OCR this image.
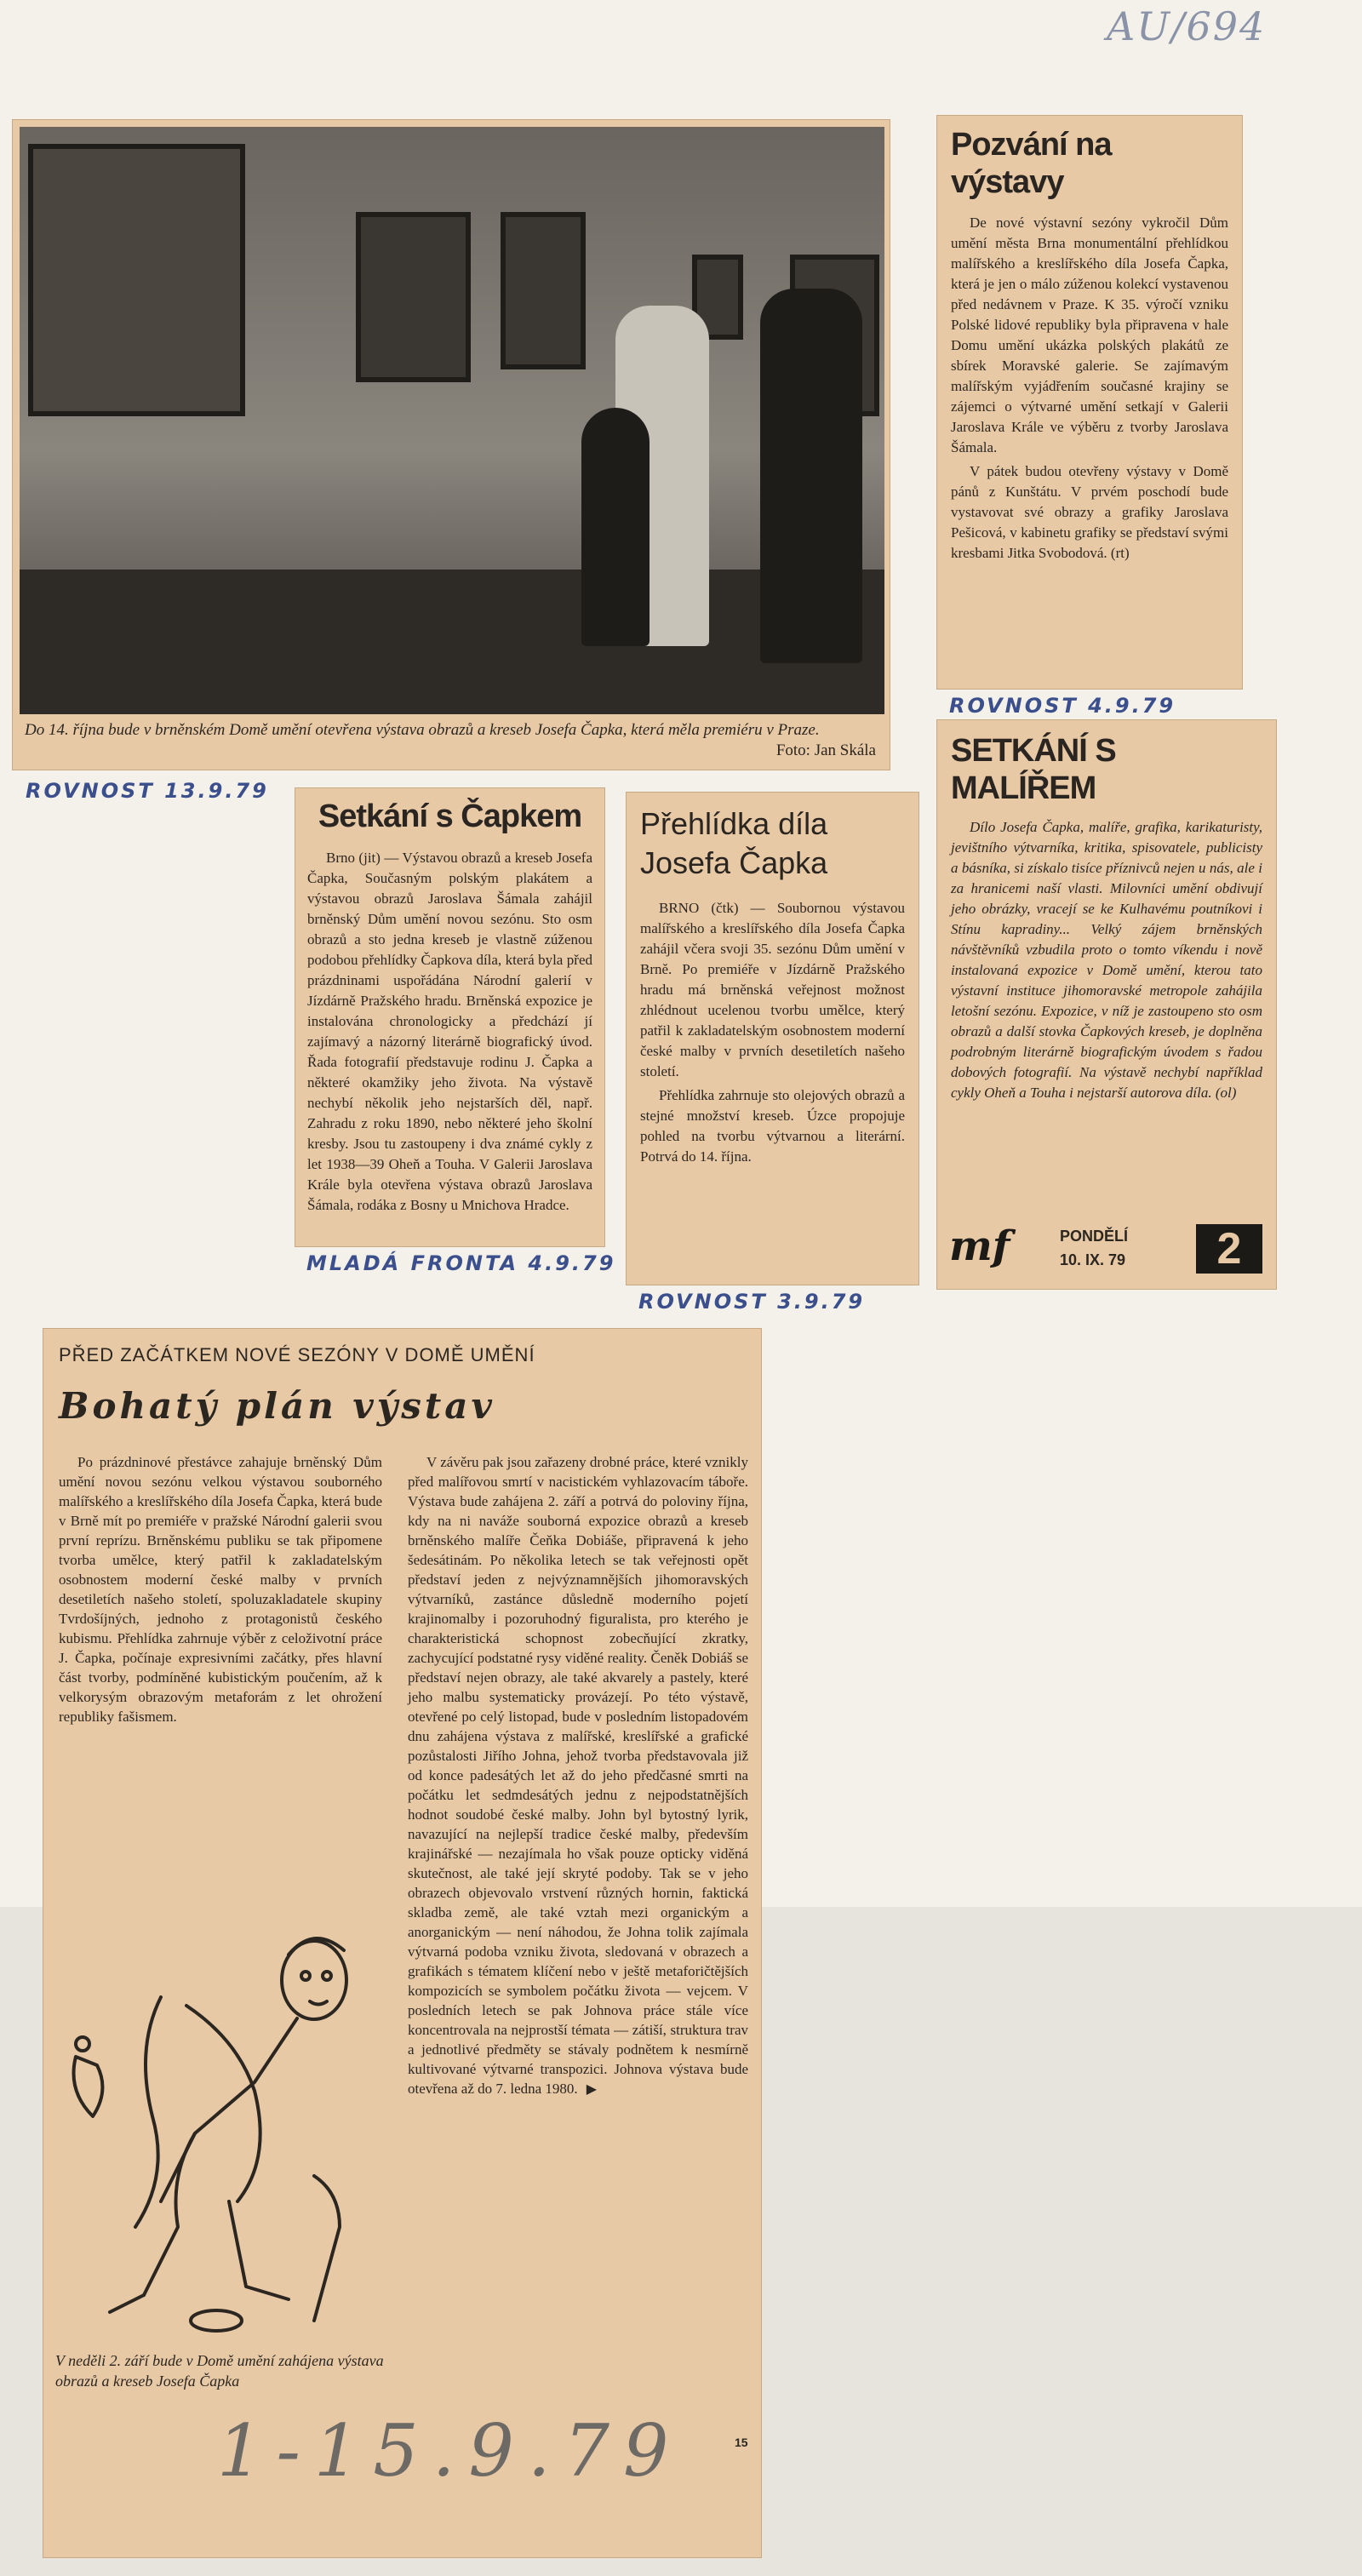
AU/694
Do 14. října bude v brněnském Domě umění otevřena výstava obrazů a kreseb Josefa Čapka, která měla premiéru v Praze.
Foto: Jan Skála
ROVNOST 13.9.79
Pozvání na výstavy

De nové výstavní sezóny vykročil Dům umění města Brna monumentální přehlídkou malířského a kreslířského díla Josefa Čapka, která je jen o málo zúženou kolekcí vystavenou před nedávnem v Praze. K 35. výročí vzniku Polské lidové republiky byla připravena v hale Domu umění ukázka polských plakátů ze sbírek Moravské galerie. Se zajímavým malířským vyjádřením současné krajiny se zájemci o výtvarné umění setkají v Galerii Jaroslava Krále ve výběru z tvorby Jaroslava Šámala.

V pátek budou otevřeny výstavy v Domě pánů z Kunštátu. V prvém poschodí bude vystavovat své obrazy a grafiky Jaroslava Pešicová, v kabinetu grafiky se představí svými kresbami Jitka Svobodová. (rt)

ROVNOST 4.9.79
SETKÁNÍ S MALÍŘEM

Dílo Josefa Čapka, malíře, grafika, karikaturisty, jevištního výtvarníka, kritika, spisovatele, publicisty a básníka, si získalo tisíce příznivců nejen u nás, ale i za hranicemi naší vlasti. Milovníci umění obdivují jeho obrázky, vracejí se ke Kulhavému poutníkovi i Stínu kapradiny... Velký zájem brněnských návštěvníků vzbudila proto o tomto víkendu i nově instalovaná expozice v Domě umění, kterou tato výstavní instituce jihomoravské metropole zahájila letošní sezónu. Expozice, v níž je zastoupeno sto osm obrazů a další stovka Čapkových kreseb, je doplněna podrobným literárně biografickým úvodem s řadou dobových fotografií. Na výstavě nechybí například cykly Oheň a Touha i nejstarší autorova díla. (ol)

mf	PONDĚLÍ
10. IX. 79	2
Setkání s Čapkem

Brno (jit) — Výstavou obrazů a kreseb Josefa Čapka, Současným polským plakátem a výstavou obrazů Jaroslava Šámala zahájil brněnský Dům umění novou sezónu. Sto osm obrazů a sto jedna kreseb je vlastně zúženou podobou přehlídky Čapkova díla, která byla před prázdninami uspořádána Národní galerií v Jízdárně Pražského hradu. Brněnská expozice je instalována chronologicky a předchází jí zajímavý a názorný literárně biografický úvod. Řada fotografií představuje rodinu J. Čapka a některé okamžiky jeho života. Na výstavě nechybí několik jeho nejstarších děl, např. Zahradu z roku 1890, nebo některé jeho školní kresby. Jsou tu zastoupeny i dva známé cykly z let 1938—39 Oheň a Touha. V Galerii Jaroslava Krále byla otevřena výstava obrazů Jaroslava Šámala, rodáka z Bosny u Mnichova Hradce.

MLADÁ FRONTA 4.9.79
Přehlídka díla Josefa Čapka

BRNO (čtk) — Soubornou výstavou malířského a kreslířského díla Josefa Čapka zahájil včera svoji 35. sezónu Dům umění v Brně. Po premiéře v Jízdárně Pražského hradu má brněnská veřejnost možnost zhlédnout ucelenou tvorbu umělce, který patřil k zakladatelským osobnostem moderní české malby v prvních desetiletích našeho století.

Přehlídka zahrnuje sto olejových obrazů a stejné množství kreseb. Úzce propojuje pohled na tvorbu výtvarnou a literární. Potrvá do 14. října.

ROVNOST 3.9.79
PŘED ZAČÁTKEM NOVÉ SEZÓNY V DOMĚ UMĚNÍ
Bohatý plán výstav

Po prázdninové přestávce zahajuje brněnský Dům umění novou sezónu velkou výstavou souborného malířského a kreslířského díla Josefa Čapka, která bude v Brně mít po premiéře v pražské Národní galerii svou první reprízu. Brněnskému publiku se tak připomene tvorba umělce, který patřil k zakladatelským osobnostem moderní české malby v prvních desetiletích našeho století, spoluzakladatele skupiny Tvrdošíjných, jednoho z protagonistů českého kubismu. Přehlídka zahrnuje výběr z celoživotní práce J. Čapka, počínaje expresivními začátky, přes hlavní část tvorby, podmíněné kubistickým poučením, až k velkorysým obrazovým metaforám z let ohrožení republiky fašismem.

V závěru pak jsou zařazeny drobné práce, které vznikly před malířovou smrtí v nacistickém vyhlazovacím táboře. Výstava bude zahájena 2. září a potrvá do poloviny října, kdy na ni naváže souborná expozice obrazů a kreseb brněnského malíře Čeňka Dobiáše, připravená k jeho šedesátinám. Po několika letech se tak veřejnosti opět představí jeden z nejvýznamnějších jihomoravských výtvarníků, zastánce důsledně moderního pojetí krajinomalby i pozoruhodný figuralista, pro kterého je charakteristická schopnost zobecňující zkratky, zachycující podstatné rysy viděné reality. Čeněk Dobiáš se představí nejen obrazy, ale také akvarely a pastely, které jeho malbu systematicky provázejí. Po této výstavě, otevřené po celý listopad, bude v posledním listopadovém dnu zahájena výstava z malířské, kreslířské a grafické pozůstalosti Jiřího Johna, jehož tvorba představovala již od konce padesátých let až do jeho předčasné smrti na počátku let sedmdesátých jednu z nejpodstatnějších hodnot soudobé české malby. John byl bytostný lyrik, navazující na nejlepší tradice české malby, především krajinářské — nezajímala ho však pouze opticky viděná skutečnost, ale také její skryté podoby. Tak se v jeho obrazech objevovalo vrstvení různých hornin, faktická skladba země, ale také vztah mezi organickým a anorganickým — není náhodou, že Johna tolik zajímala výtvarná podoba vzniku života, sledovaná v obrazech a grafikách s tématem klíčení nebo v ještě metaforičtějších kompozicích se symbolem počátku života — vejcem. V posledních letech se pak Johnova práce stále více koncentrovala na nejprostší témata — zátiší, struktura trav a jednotlivé předměty se stávaly podnětem k nesmírně kultivované výtvarné transpozici. Johnova výstava bude otevřena až do 7. ledna 1980. ▶

V neděli 2. září bude v Domě umění zahájena výstava obrazů a kreseb Josefa Čapka
15
1-15.9.79
